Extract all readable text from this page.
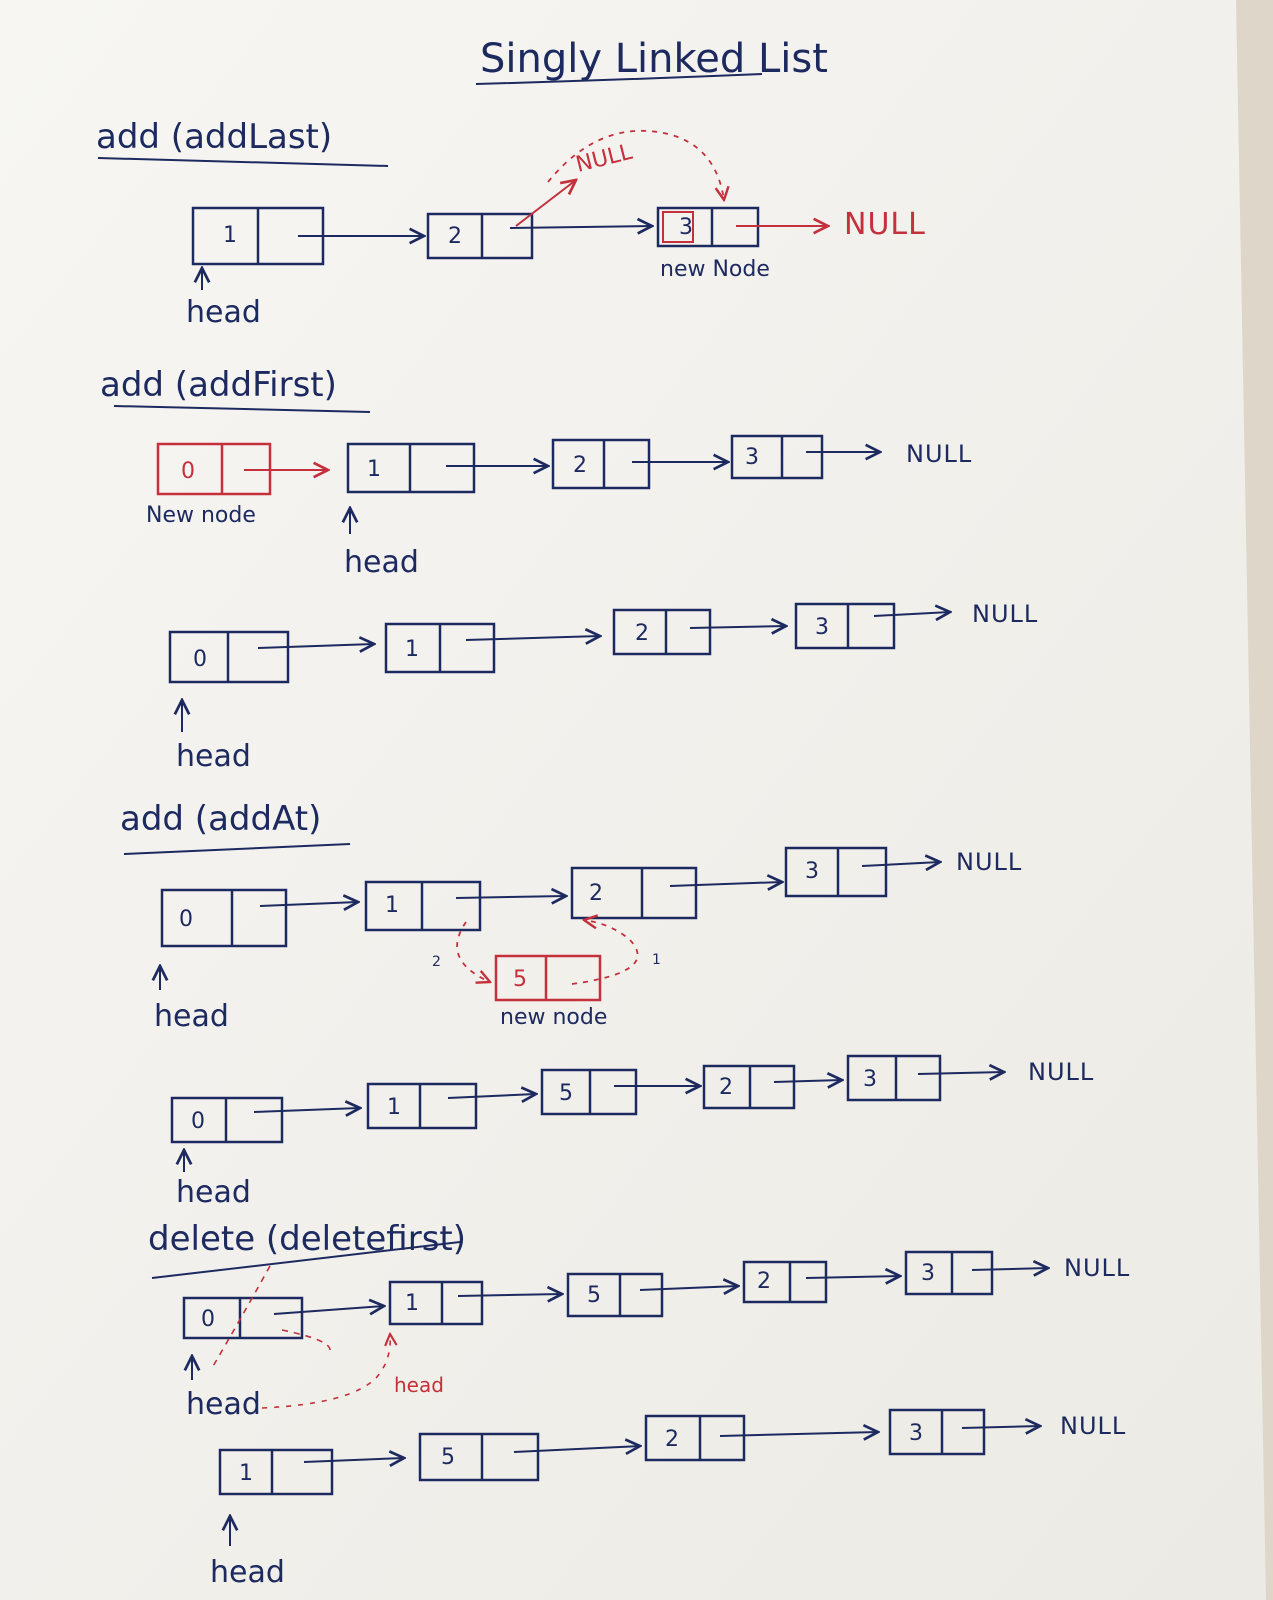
Singly Linked List
add (addLast)
1	2
NULL
3	NULL
new Node
head
add (addFirst)
0
New node
1	2	3	NULL
head
0	1
2	3	NULL
head
add (addAt)
0
1	2
3	NULL
5
2	1
new node
head
0
1
5	2	3	NULL
head
delete (deletefirst)
0
1	5
2	3	NULL
head
head
1
5
2	3	NULL
head
